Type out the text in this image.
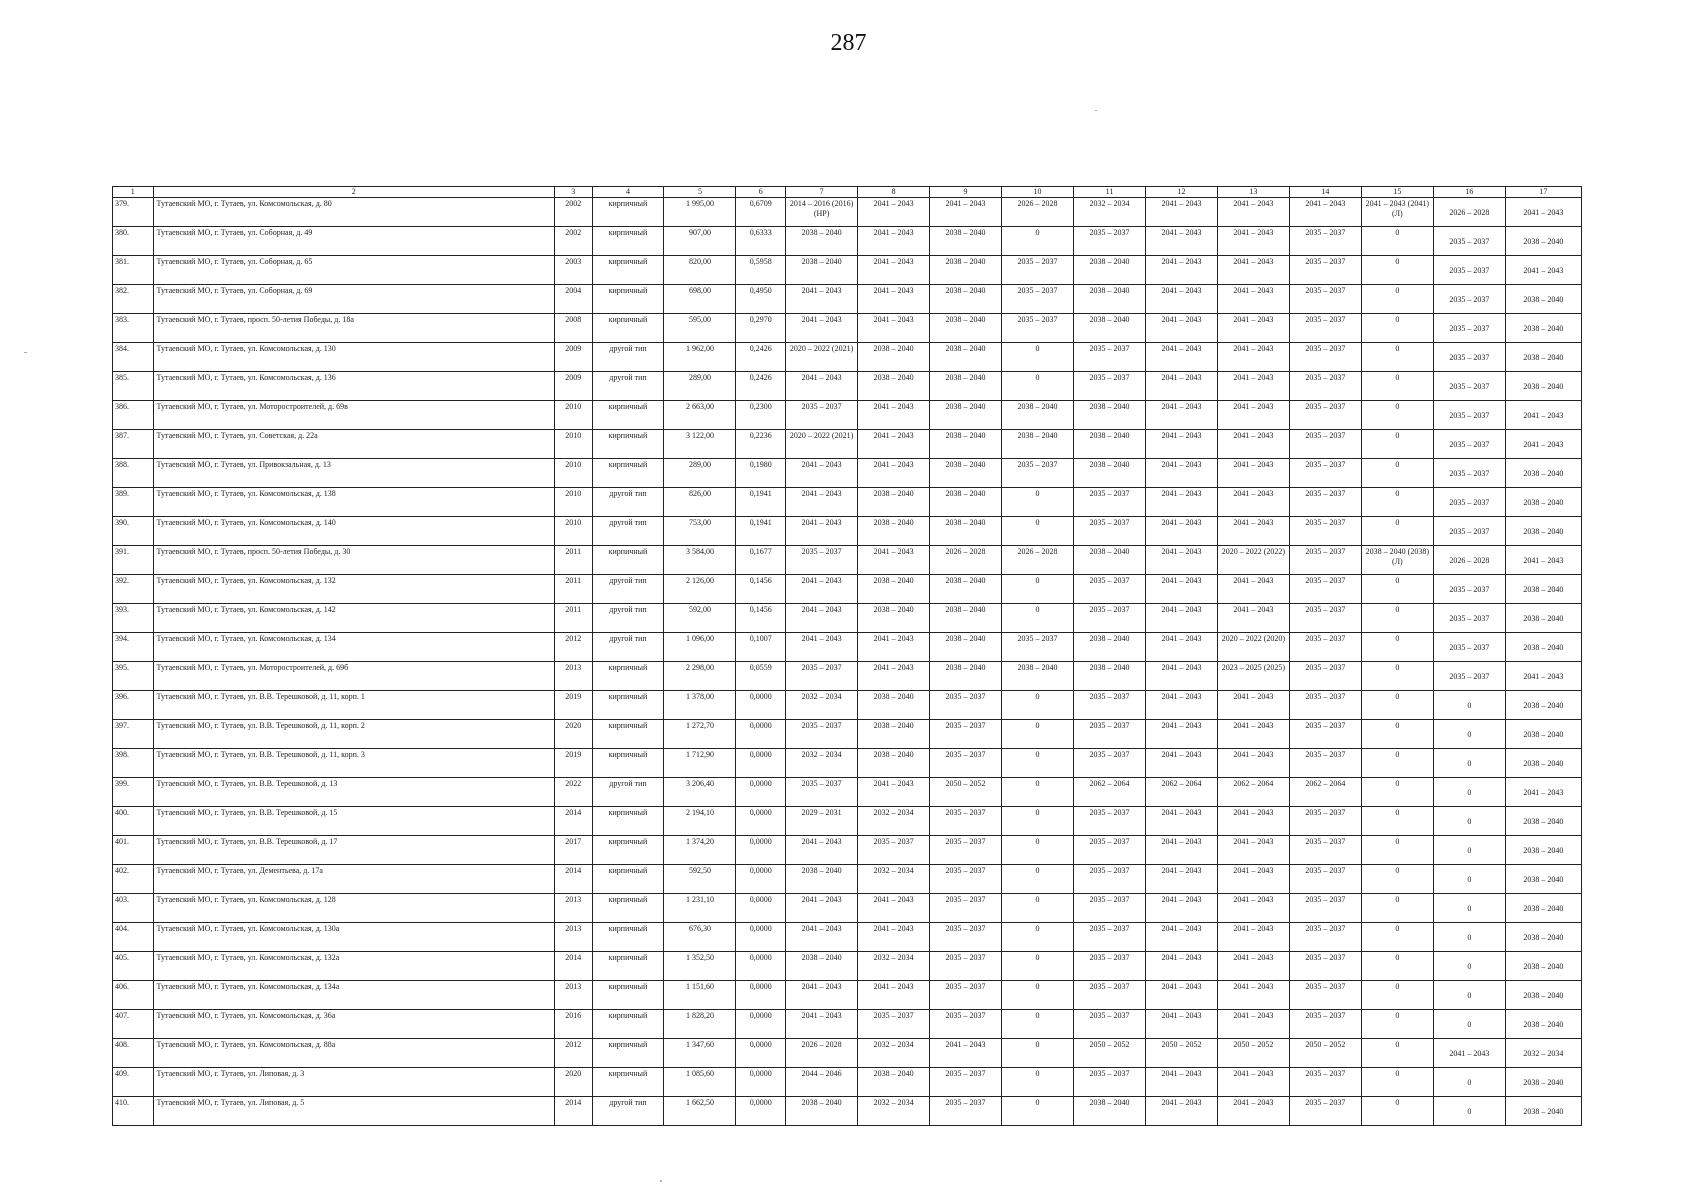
287
1	2	3	4	5	6	7	8	9	10	11	12	13	14	15	16	17
379.	Тутаевский МО, г. Тутаев, ул. Комсомольская, д. 80	2002	кирпичный	1 995,00	0,6709	2014 – 2016 (2016) (НР)	2041 – 2043	2041 – 2043	2026 – 2028	2032 – 2034	2041 – 2043	2041 – 2043	2041 – 2043	2041 – 2043 (2041) (Л)	2026 – 2028	2041 – 2043
380.	Тутаевский МО, г. Тутаев, ул. Соборная, д. 49	2002	кирпичный	907,00	0,6333	2038 – 2040	2041 – 2043	2038 – 2040	0	2035 – 2037	2041 – 2043	2041 – 2043	2035 – 2037	0	2035 – 2037	2038 – 2040
381.	Тутаевский МО, г. Тутаев, ул. Соборная, д. 65	2003	кирпичный	820,00	0,5958	2038 – 2040	2041 – 2043	2038 – 2040	2035 – 2037	2038 – 2040	2041 – 2043	2041 – 2043	2035 – 2037	0	2035 – 2037	2041 – 2043
382.	Тутаевский МО, г. Тутаев, ул. Соборная, д. 69	2004	кирпичный	698,00	0,4950	2041 – 2043	2041 – 2043	2038 – 2040	2035 – 2037	2038 – 2040	2041 – 2043	2041 – 2043	2035 – 2037	0	2035 – 2037	2038 – 2040
383.	Тутаевский МО, г. Тутаев, просп. 50-летия Победы, д. 18а	2008	кирпичный	595,00	0,2970	2041 – 2043	2041 – 2043	2038 – 2040	2035 – 2037	2038 – 2040	2041 – 2043	2041 – 2043	2035 – 2037	0	2035 – 2037	2038 – 2040
384.	Тутаевский МО, г. Тутаев, ул. Комсомольская, д. 130	2009	другой тип	1 962,00	0,2426	2020 – 2022 (2021)	2038 – 2040	2038 – 2040	0	2035 – 2037	2041 – 2043	2041 – 2043	2035 – 2037	0	2035 – 2037	2038 – 2040
385.	Тутаевский МО, г. Тутаев, ул. Комсомольская, д. 136	2009	другой тип	289,00	0,2426	2041 – 2043	2038 – 2040	2038 – 2040	0	2035 – 2037	2041 – 2043	2041 – 2043	2035 – 2037	0	2035 – 2037	2038 – 2040
386.	Тутаевский МО, г. Тутаев, ул. Моторостроителей, д. 69в	2010	кирпичный	2 663,00	0,2300	2035 – 2037	2041 – 2043	2038 – 2040	2038 – 2040	2038 – 2040	2041 – 2043	2041 – 2043	2035 – 2037	0	2035 – 2037	2041 – 2043
387.	Тутаевский МО, г. Тутаев, ул. Советская, д. 22а	2010	кирпичный	3 122,00	0,2236	2020 – 2022 (2021)	2041 – 2043	2038 – 2040	2038 – 2040	2038 – 2040	2041 – 2043	2041 – 2043	2035 – 2037	0	2035 – 2037	2041 – 2043
388.	Тутаевский МО, г. Тутаев, ул. Привокзальная, д. 13	2010	кирпичный	289,00	0,1980	2041 – 2043	2041 – 2043	2038 – 2040	2035 – 2037	2038 – 2040	2041 – 2043	2041 – 2043	2035 – 2037	0	2035 – 2037	2038 – 2040
389.	Тутаевский МО, г. Тутаев, ул. Комсомольская, д. 138	2010	другой тип	826,00	0,1941	2041 – 2043	2038 – 2040	2038 – 2040	0	2035 – 2037	2041 – 2043	2041 – 2043	2035 – 2037	0	2035 – 2037	2038 – 2040
390.	Тутаевский МО, г. Тутаев, ул. Комсомольская, д. 140	2010	другой тип	753,00	0,1941	2041 – 2043	2038 – 2040	2038 – 2040	0	2035 – 2037	2041 – 2043	2041 – 2043	2035 – 2037	0	2035 – 2037	2038 – 2040
391.	Тутаевский МО, г. Тутаев, просп. 50-летия Победы, д. 30	2011	кирпичный	3 584,00	0,1677	2035 – 2037	2041 – 2043	2026 – 2028	2026 – 2028	2038 – 2040	2041 – 2043	2020 – 2022 (2022)	2035 – 2037	2038 – 2040 (2038) (Л)	2026 – 2028	2041 – 2043
392.	Тутаевский МО, г. Тутаев, ул. Комсомольская, д. 132	2011	другой тип	2 126,00	0,1456	2041 – 2043	2038 – 2040	2038 – 2040	0	2035 – 2037	2041 – 2043	2041 – 2043	2035 – 2037	0	2035 – 2037	2038 – 2040
393.	Тутаевский МО, г. Тутаев, ул. Комсомольская, д. 142	2011	другой тип	592,00	0,1456	2041 – 2043	2038 – 2040	2038 – 2040	0	2035 – 2037	2041 – 2043	2041 – 2043	2035 – 2037	0	2035 – 2037	2038 – 2040
394.	Тутаевский МО, г. Тутаев, ул. Комсомольская, д. 134	2012	другой тип	1 096,00	0,1007	2041 – 2043	2041 – 2043	2038 – 2040	2035 – 2037	2038 – 2040	2041 – 2043	2020 – 2022 (2020)	2035 – 2037	0	2035 – 2037	2038 – 2040
395.	Тутаевский МО, г. Тутаев, ул. Моторостроителей, д. 69б	2013	кирпичный	2 298,00	0,0559	2035 – 2037	2041 – 2043	2038 – 2040	2038 – 2040	2038 – 2040	2041 – 2043	2023 – 2025 (2025)	2035 – 2037	0	2035 – 2037	2041 – 2043
396.	Тутаевский МО, г. Тутаев, ул. В.В. Терешковой, д. 11, корп. 1	2019	кирпичный	1 378,00	0,0000	2032 – 2034	2038 – 2040	2035 – 2037	0	2035 – 2037	2041 – 2043	2041 – 2043	2035 – 2037	0	0	2038 – 2040
397.	Тутаевский МО, г. Тутаев, ул. В.В. Терешковой, д. 11, корп. 2	2020	кирпичный	1 272,70	0,0000	2035 – 2037	2038 – 2040	2035 – 2037	0	2035 – 2037	2041 – 2043	2041 – 2043	2035 – 2037	0	0	2038 – 2040
398.	Тутаевский МО, г. Тутаев, ул. В.В. Терешковой, д. 11, корп. 3	2019	кирпичный	1 712,90	0,0000	2032 – 2034	2038 – 2040	2035 – 2037	0	2035 – 2037	2041 – 2043	2041 – 2043	2035 – 2037	0	0	2038 – 2040
399.	Тутаевский МО, г. Тутаев, ул. В.В. Терешковой, д. 13	2022	другой тип	3 206,40	0,0000	2035 – 2037	2041 – 2043	2050 – 2052	0	2062 – 2064	2062 – 2064	2062 – 2064	2062 – 2064	0	0	2041 – 2043
400.	Тутаевский МО, г. Тутаев, ул. В.В. Терешковой, д. 15	2014	кирпичный	2 194,10	0,0000	2029 – 2031	2032 – 2034	2035 – 2037	0	2035 – 2037	2041 – 2043	2041 – 2043	2035 – 2037	0	0	2038 – 2040
401.	Тутаевский МО, г. Тутаев, ул. В.В. Терешковой, д. 17	2017	кирпичный	1 374,20	0,0000	2041 – 2043	2035 – 2037	2035 – 2037	0	2035 – 2037	2041 – 2043	2041 – 2043	2035 – 2037	0	0	2038 – 2040
402.	Тутаевский МО, г. Тутаев, ул. Дементьева, д. 17а	2014	кирпичный	592,50	0,0000	2038 – 2040	2032 – 2034	2035 – 2037	0	2035 – 2037	2041 – 2043	2041 – 2043	2035 – 2037	0	0	2038 – 2040
403.	Тутаевский МО, г. Тутаев, ул. Комсомольская, д. 128	2013	кирпичный	1 231,10	0,0000	2041 – 2043	2041 – 2043	2035 – 2037	0	2035 – 2037	2041 – 2043	2041 – 2043	2035 – 2037	0	0	2038 – 2040
404.	Тутаевский МО, г. Тутаев, ул. Комсомольская, д. 130а	2013	кирпичный	676,30	0,0000	2041 – 2043	2041 – 2043	2035 – 2037	0	2035 – 2037	2041 – 2043	2041 – 2043	2035 – 2037	0	0	2038 – 2040
405.	Тутаевский МО, г. Тутаев, ул. Комсомольская, д. 132а	2014	кирпичный	1 352,50	0,0000	2038 – 2040	2032 – 2034	2035 – 2037	0	2035 – 2037	2041 – 2043	2041 – 2043	2035 – 2037	0	0	2038 – 2040
406.	Тутаевский МО, г. Тутаев, ул. Комсомольская, д. 134а	2013	кирпичный	1 151,60	0,0000	2041 – 2043	2041 – 2043	2035 – 2037	0	2035 – 2037	2041 – 2043	2041 – 2043	2035 – 2037	0	0	2038 – 2040
407.	Тутаевский МО, г. Тутаев, ул. Комсомольская, д. 36а	2016	кирпичный	1 828,20	0,0000	2041 – 2043	2035 – 2037	2035 – 2037	0	2035 – 2037	2041 – 2043	2041 – 2043	2035 – 2037	0	0	2038 – 2040
408.	Тутаевский МО, г. Тутаев, ул. Комсомольская, д. 88а	2012	кирпичный	1 347,60	0,0000	2026 – 2028	2032 – 2034	2041 – 2043	0	2050 – 2052	2050 – 2052	2050 – 2052	2050 – 2052	0	2041 – 2043	2032 – 2034
409.	Тутаевский МО, г. Тутаев, ул. Липовая, д. 3	2020	кирпичный	1 085,60	0,0000	2044 – 2046	2038 – 2040	2035 – 2037	0	2035 – 2037	2041 – 2043	2041 – 2043	2035 – 2037	0	0	2038 – 2040
410.	Тутаевский МО, г. Тутаев, ул. Липовая, д. 5	2014	другой тип	1 662,50	0,0000	2038 – 2040	2032 – 2034	2035 – 2037	0	2038 – 2040	2041 – 2043	2041 – 2043	2035 – 2037	0	0	2038 – 2040
